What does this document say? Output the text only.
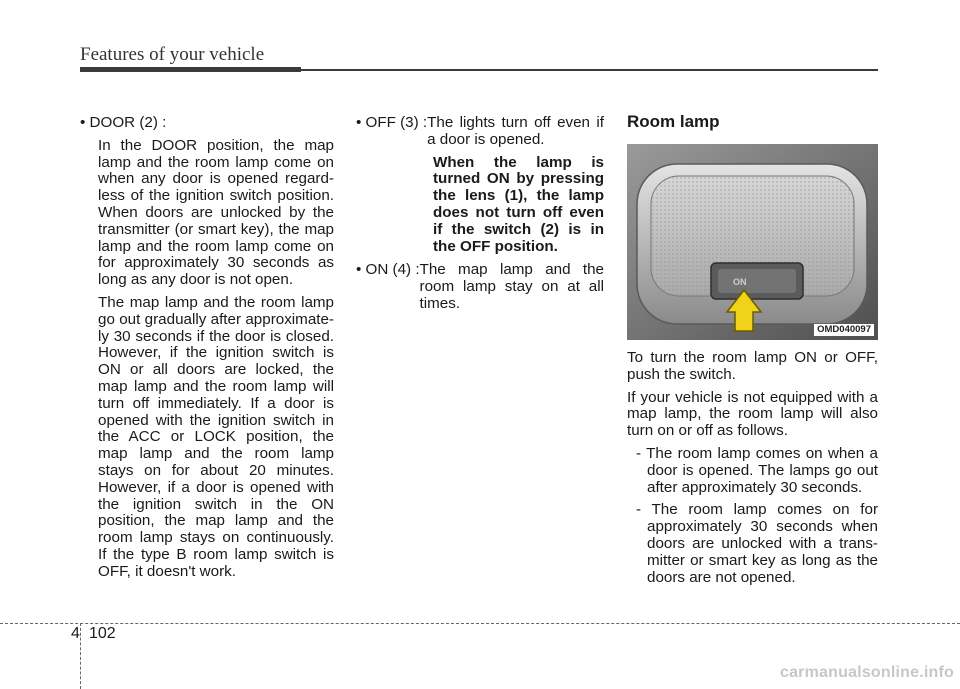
Features of your vehicle

• DOOR (2) :

In the DOOR position, the map lamp and the room lamp come on when any door is opened regard-less of the ignition switch position. When doors are unlocked by the transmitter (or smart key), the map lamp and the room lamp come on for approximately 30 seconds as long as any door is not open.

The map lamp and the room lamp go out gradually after approximate-ly 30 seconds if the door is closed. However, if the ignition switch is ON or all doors are locked, the map lamp and the room lamp will turn off immediately. If a door is opened with the ignition switch in the ACC or LOCK position, the map lamp and the room lamp stays on for about 20 minutes. However, if a door is opened with the ignition switch in the ON position, the map lamp and the room lamp stays on continuously. If the type B room lamp switch is OFF, it doesn't work.

• OFF (3) : The lights turn off even if a door is opened.

When the lamp is turned ON by pressing the lens (1), the lamp does not turn off even if the switch (2) is in the OFF position.

• ON (4) : The map lamp and the room lamp stay on at all times.
Room lamp
ON
OMD040097

To turn the room lamp ON or OFF, push the switch.

If your vehicle is not equipped with a map lamp, the room lamp will also turn on or off as follows.

- The room lamp comes on when a door is opened. The lamps go out after approximately 30 seconds.

- The room lamp comes on for approximately 30 seconds when doors are unlocked with a trans-mitter or smart key as long as the doors are not opened.

4 102
carmanualsonline.info
